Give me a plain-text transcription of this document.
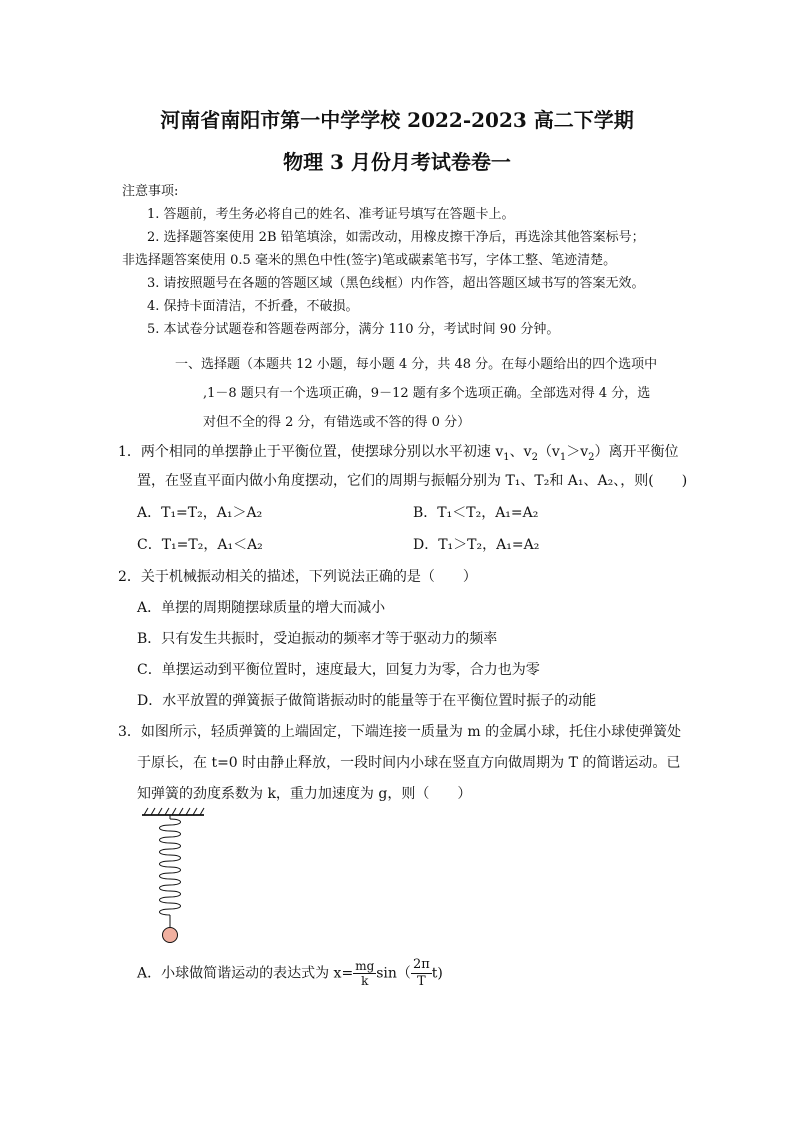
河南省南阳市第一中学学校 2022-2023 高二下学期
物理 3 月份月考试卷卷一
注意事项:
1. 答题前，考生务必将自己的姓名、准考证号填写在答题卡上。
2. 选择题答案使用 2B 铅笔填涂，如需改动，用橡皮擦干净后，再选涂其他答案标号；
非选择题答案使用 0.5 毫米的黑色中性(签字)笔或碳素笔书写，字体工整、笔迹清楚。
3. 请按照题号在各题的答题区域（黑色线框）内作答，超出答题区域书写的答案无效。
4. 保持卡面清洁，不折叠，不破损。
5. 本试卷分试题卷和答题卷两部分，满分 110 分，考试时间 90 分钟。
一、选择题（本题共 12 小题，每小题 4 分，共 48 分。在每小题给出的四个选项中
,1－8 题只有一个选项正确，9－12 题有多个选项正确。全部选对得 4 分，选
对但不全的得 2 分，有错选或不答的得 0 分）
1．两个相同的单摆静止于平衡位置，使摆球分别以水平初速 $v_1$、$v_2(v_1>v_2)$离开平衡位
置，在竖直平面内做小角度摆动，它们的周期与振幅分别为 T₁、T₂和 A₁、A₂、，则(　　)
A．T₁=T₂，A₁＞A₂	B．T₁＜T₂，A₁=A₂
C．T₁=T₂，A₁＜A₂	D．T₁＞T₂，A₁=A₂
2．关于机械振动相关的描述，下列说法正确的是（　　）
A．单摆的周期随摆球质量的增大而减小
B．只有发生共振时，受迫振动的频率才等于驱动力的频率
C．单摆运动到平衡位置时，速度最大，回复力为零，合力也为零
D．水平放置的弹簧振子做简谐振动时的能量等于在平衡位置时振子的动能
3．如图所示，轻质弹簧的上端固定，下端连接一质量为 m 的金属小球，托住小球使弹簧处
于原长，在 t=0 时由静止释放，一段时间内小球在竖直方向做周期为 T 的简谐运动。已
知弹簧的劲度系数为 k，重力加速度为 g，则（　　）
A．小球做简谐运动的表达式为 $x= \frac{mg}{k} \sin( \frac{2\pi}{T} t)$
